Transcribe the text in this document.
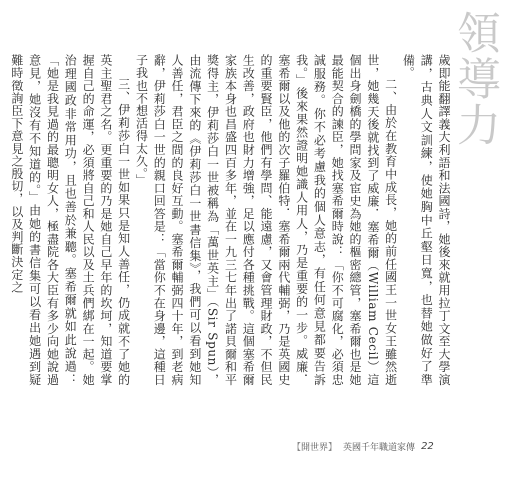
領導力

歲即能翻譯義大利語和法國詩，她後來就用拉丁文至大學演講，古典人文訓練，使她胸中丘壑日寬，也替她做好了準備。

二、由於在教育中成長，她的前任國王一世女王雖然逝世，她幾天後就找到了威廉．塞希爾（William Cecil）這個出身劍橋的學問家及宦史為她的樞密總管，塞希爾也是她最能契合的諫臣，她找塞希爾時說：「你不可腐化，必須忠誠服務。你不必考慮我的個人意志，有任何意見都要告訴我。」後來果然證明她識人用人，乃是重要的一步。威廉．塞希爾以及他的次子羅伯特．塞希爾兩代輔弼，乃是英國史的重要賢臣，他們有學問、能遠慮，又會管理財政，不但民生改善，政府也財力增強，足以應付各種挑戰。這個塞希爾家族本身也昌盛四百多年，並在一九三七年出了諾貝爾和平獎得主，伊莉莎白一世被稱為「萬世英主」（Sir Spun），由流傳下來的《伊莉莎白一世書信集》，我們可以看到她知人善任，君臣之間的良好互動。塞希爾輔弼四十年，到老病辭，伊莉莎白一世的親口回答是：「當你不在身邊，這種日子我也不想活得太久。」

三、伊莉莎白一世如果只是知人善任，仍成就不了她的英主聖君之名。更重要的乃是她自己早年的坎坷，知道要掌握自己的命運，必須將自己和人民以及土兵們綁在一起。她治理國政非常用功，且也善於兼聽。塞希爾就如此說過：「她是我見過的最聰明女人，極盡院各大臣有多少向她說過意見，她沒有不知道的。」由她的書信集可以看出她遇到疑難時徵詢臣下意見之殷切，以及判斷決定之

【開世界】 英國千年職道家傳 22
